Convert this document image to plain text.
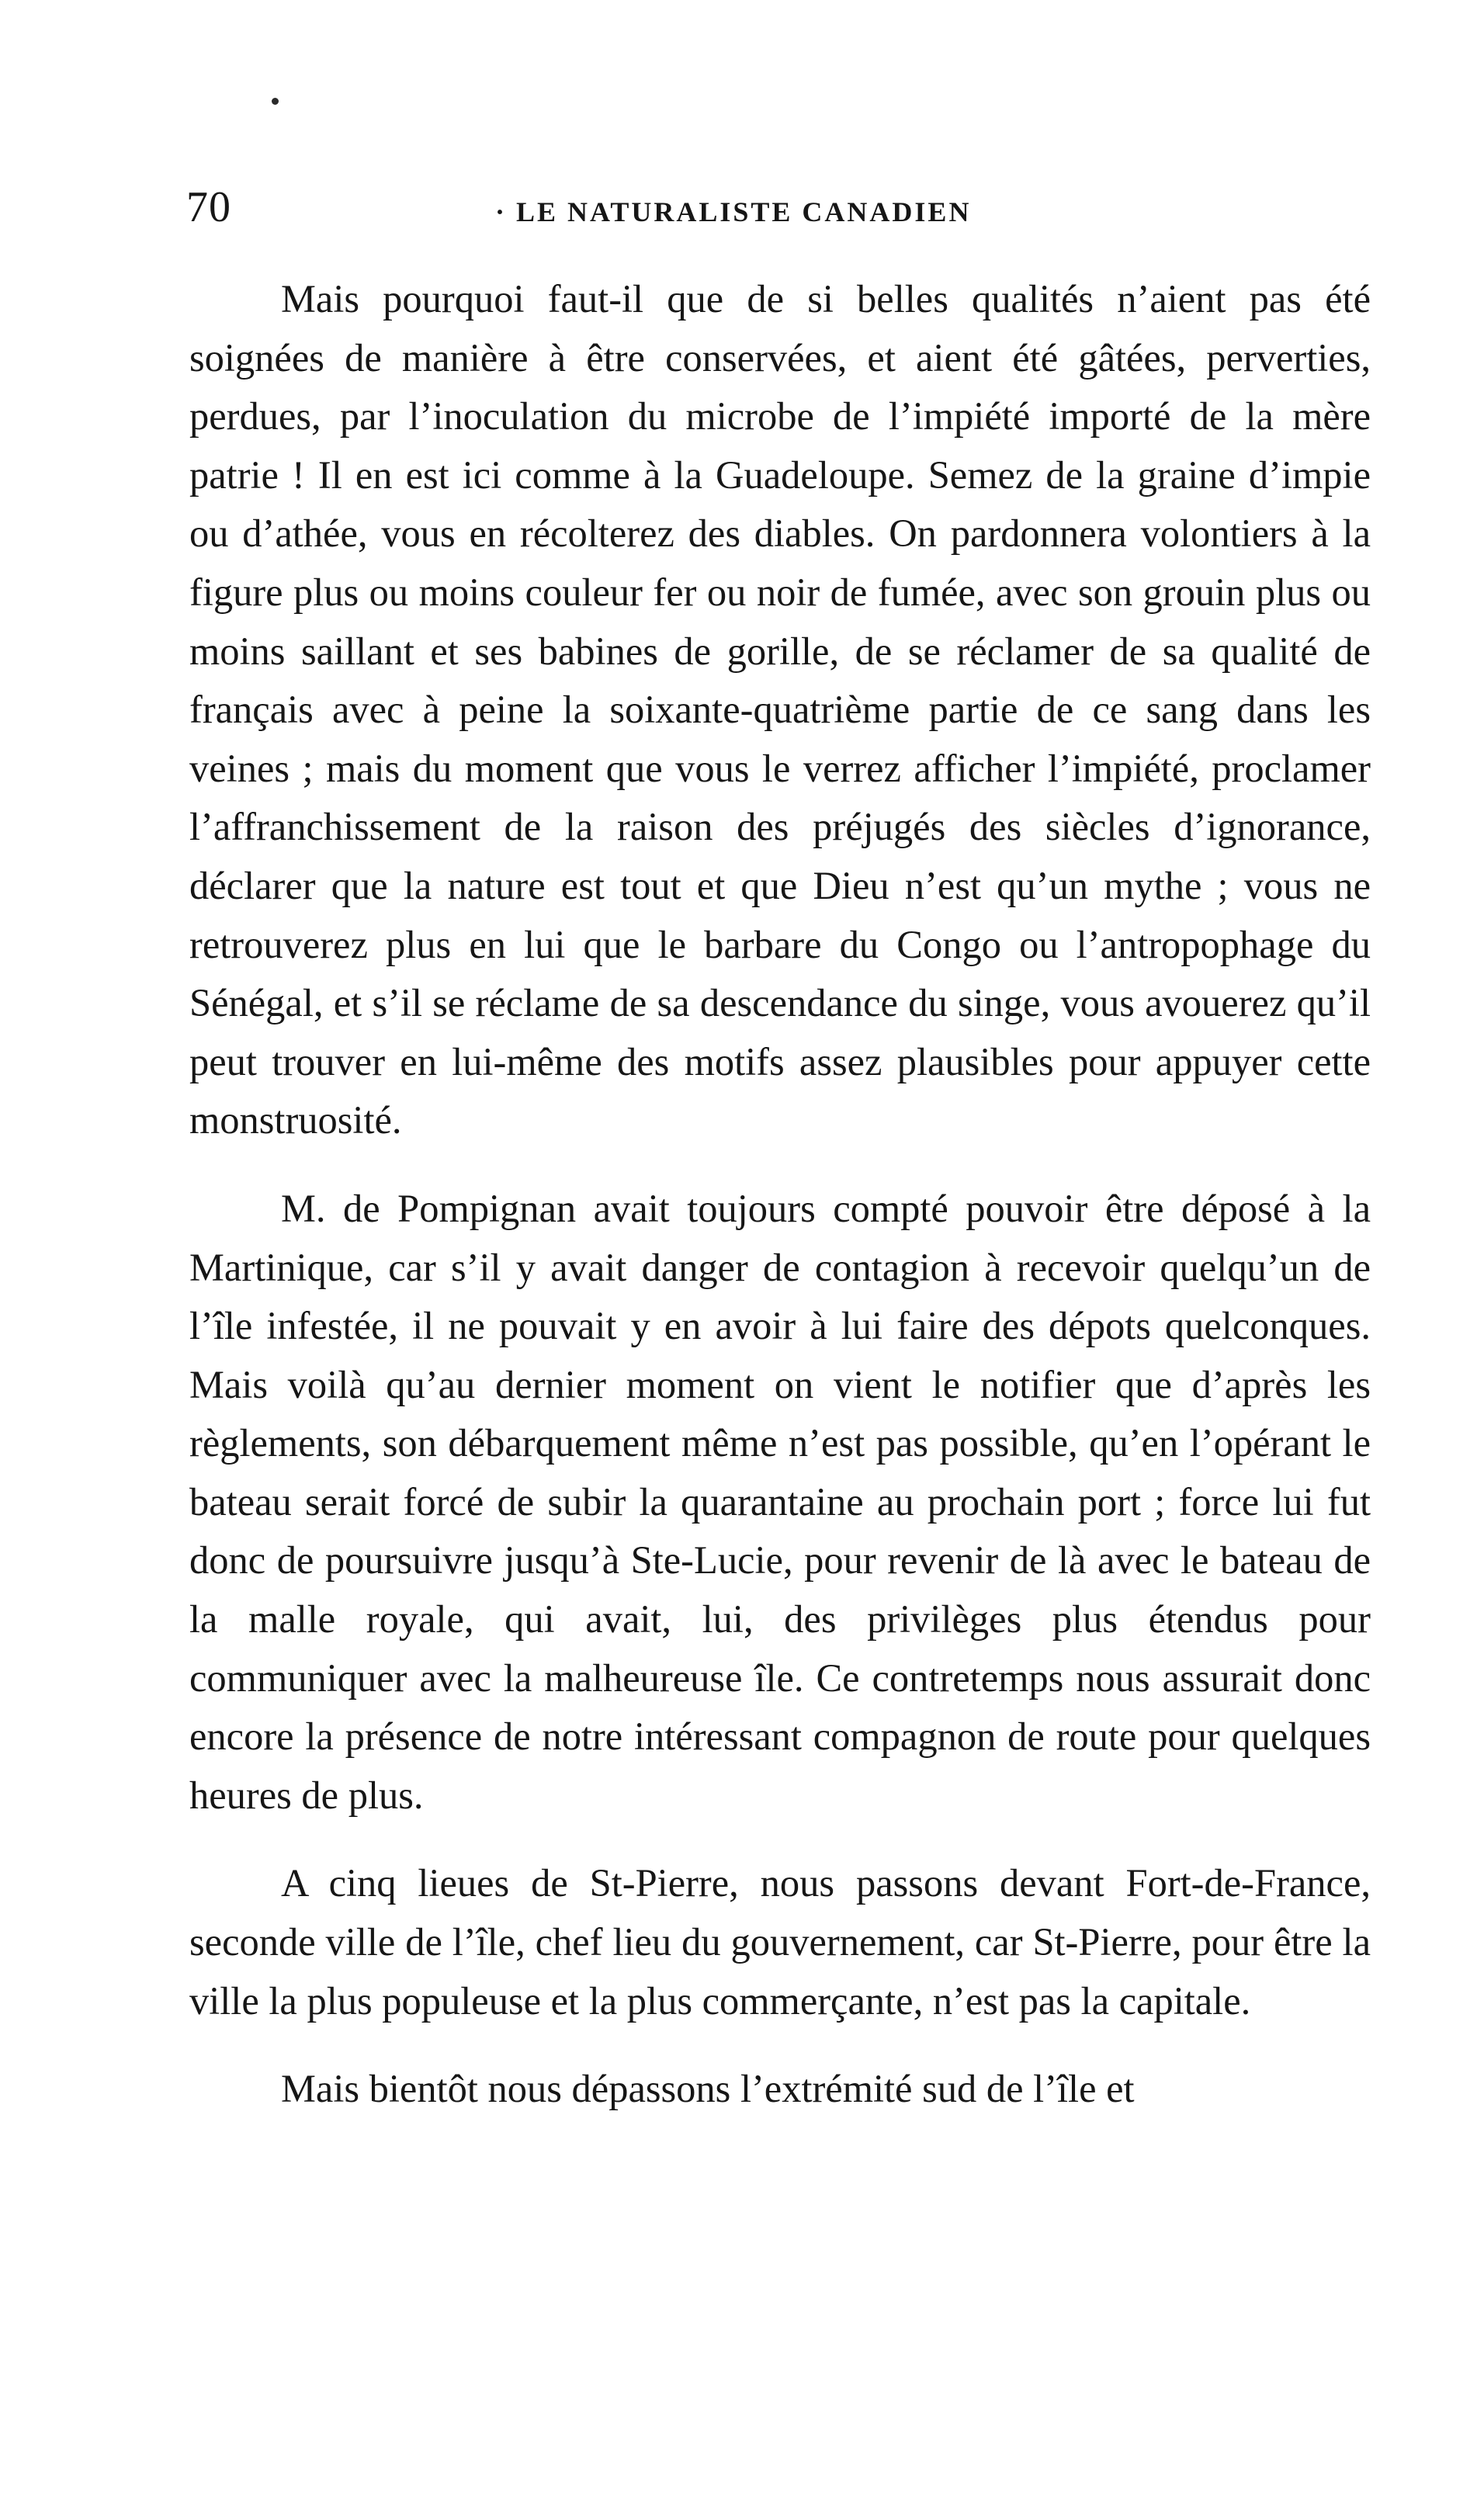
70	· LE NATURALISTE CANADIEN

Mais pourquoi faut-il que de si belles qualités n’aient pas été soignées de manière à être conservées, et aient été gâtées, perverties, perdues, par l’inoculation du microbe de l’impiété importé de la mère patrie ! Il en est ici comme à la Guadeloupe. Semez de la graine d’impie ou d’athée, vous en récolterez des diables. On pardonnera volontiers à la figure plus ou moins couleur fer ou noir de fumée, avec son grouin plus ou moins saillant et ses babines de gorille, de se réclamer de sa qualité de français avec à peine la soixante-quatrième partie de ce sang dans les veines ; mais du moment que vous le verrez afficher l’impiété, proclamer l’affranchissement de la raison des préjugés des siècles d’ignorance, déclarer que la nature est tout et que Dieu n’est qu’un mythe ; vous ne retrouverez plus en lui que le barbare du Congo ou l’antropophage du Sénégal, et s’il se réclame de sa descendance du singe, vous avouerez qu’il peut trouver en lui-même des motifs assez plausibles pour appuyer cette monstruosité.

M. de Pompignan avait toujours compté pouvoir être déposé à la Martinique, car s’il y avait danger de contagion à recevoir quelqu’un de l’île infestée, il ne pouvait y en avoir à lui faire des dépots quelconques. Mais voilà qu’au dernier moment on vient le notifier que d’après les règlements, son débarquement même n’est pas possible, qu’en l’opérant le bateau serait forcé de subir la quarantaine au prochain port ; force lui fut donc de poursuivre jusqu’à Ste-Lucie, pour revenir de là avec le bateau de la malle royale, qui avait, lui, des privilèges plus étendus pour communiquer avec la malheureuse île. Ce contretemps nous assurait donc encore la présence de notre intéressant compagnon de route pour quelques heures de plus.

A cinq lieues de St-Pierre, nous passons devant Fort-de-France, seconde ville de l’île, chef lieu du gouvernement, car St-Pierre, pour être la ville la plus populeuse et la plus commerçante, n’est pas la capitale.

Mais bientôt nous dépassons l’extrémité sud de l’île et
